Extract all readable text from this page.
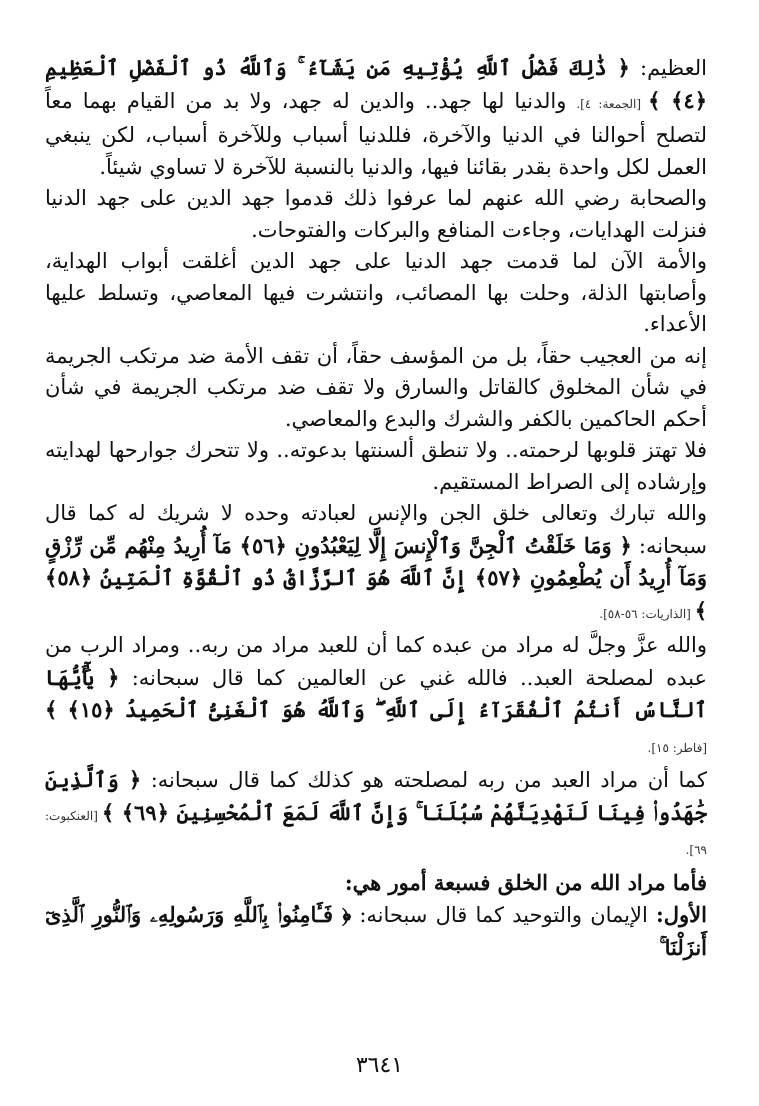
العظيم: ﴿ ذَٰلِكَ فَضْلُ ٱللَّهِ يُؤْتِيهِ مَن يَشَآءُ ۚ وَٱللَّهُ ذُو ٱلْفَضْلِ ٱلْعَظِيمِ ﴿٤﴾ ﴾ [الجمعة: ٤]. والدنيا لها جهد.. والدين له جهد، ولا بد من القيام بهما معاً لتصلح أحوالنا في الدنيا والآخرة، فللدنيا أسباب وللآخرة أسباب، لكن ينبغي العمل لكل واحدة بقدر بقائنا فيها، والدنيا بالنسبة للآخرة لا تساوي شيئاً.

والصحابة رضي الله عنهم لما عرفوا ذلك قدموا جهد الدين على جهد الدنيا فنزلت الهدايات، وجاءت المنافع والبركات والفتوحات.

والأمة الآن لما قدمت جهد الدنيا على جهد الدين أغلقت أبواب الهداية، وأصابتها الذلة، وحلت بها المصائب، وانتشرت فيها المعاصي، وتسلط عليها الأعداء.

إنه من العجيب حقاً، بل من المؤسف حقاً، أن تقف الأمة ضد مرتكب الجريمة في شأن المخلوق كالقاتل والسارق ولا تقف ضد مرتكب الجريمة في شأن أحكم الحاكمين بالكفر والشرك والبدع والمعاصي.

فلا تهتز قلوبها لرحمته.. ولا تنطق ألسنتها بدعوته.. ولا تتحرك جوارحها لهدايته وإرشاده إلى الصراط المستقيم.

والله تبارك وتعالى خلق الجن والإنس لعبادته وحده لا شريك له كما قال سبحانه: ﴿ وَمَا خَلَقْتُ ٱلْجِنَّ وَٱلْإِنسَ إِلَّا لِيَعْبُدُونِ ﴿٥٦﴾ مَآ أُرِيدُ مِنْهُم مِّن رِّزْقٍ وَمَآ أُرِيدُ أَن يُطْعِمُونِ ﴿٥٧﴾ إِنَّ ٱللَّهَ هُوَ ٱلرَّزَّاقُ ذُو ٱلْقُوَّةِ ٱلْمَتِينُ ﴿٥٨﴾ ﴾ [الذاريات: ٥٦-٥٨].

والله عزَّ وجلَّ له مراد من عبده كما أن للعبد مراد من ربه.. ومراد الرب من عبده لمصلحة العبد.. فالله غني عن العالمين كما قال سبحانه: ﴿ يَٰٓأَيُّهَا ٱلنَّاسُ أَنتُمُ ٱلْفُقَرَآءُ إِلَى ٱللَّهِ ۖ وَٱللَّهُ هُوَ ٱلْغَنِىُّ ٱلْحَمِيدُ ﴿١٥﴾ ﴾ [فاطر: ١٥].

كما أن مراد العبد من ربه لمصلحته هو كذلك كما قال سبحانه: ﴿ وَٱلَّذِينَ جَٰهَدُوا۟ فِينَا لَنَهْدِيَنَّهُمْ سُبُلَنَا ۚ وَإِنَّ ٱللَّهَ لَمَعَ ٱلْمُحْسِنِينَ ﴿٦٩﴾ ﴾ [العنكبوت: ٦٩].

فأما مراد الله من الخلق فسبعة أمور هي:

الأول: الإيمان والتوحيد كما قال سبحانه: ﴿ فَـَٔامِنُوا۟ بِٱللَّهِ وَرَسُولِهِۦ وَٱلنُّورِ ٱلَّذِىٓ أَنزَلْنَا ۚ

٣٦٤١
